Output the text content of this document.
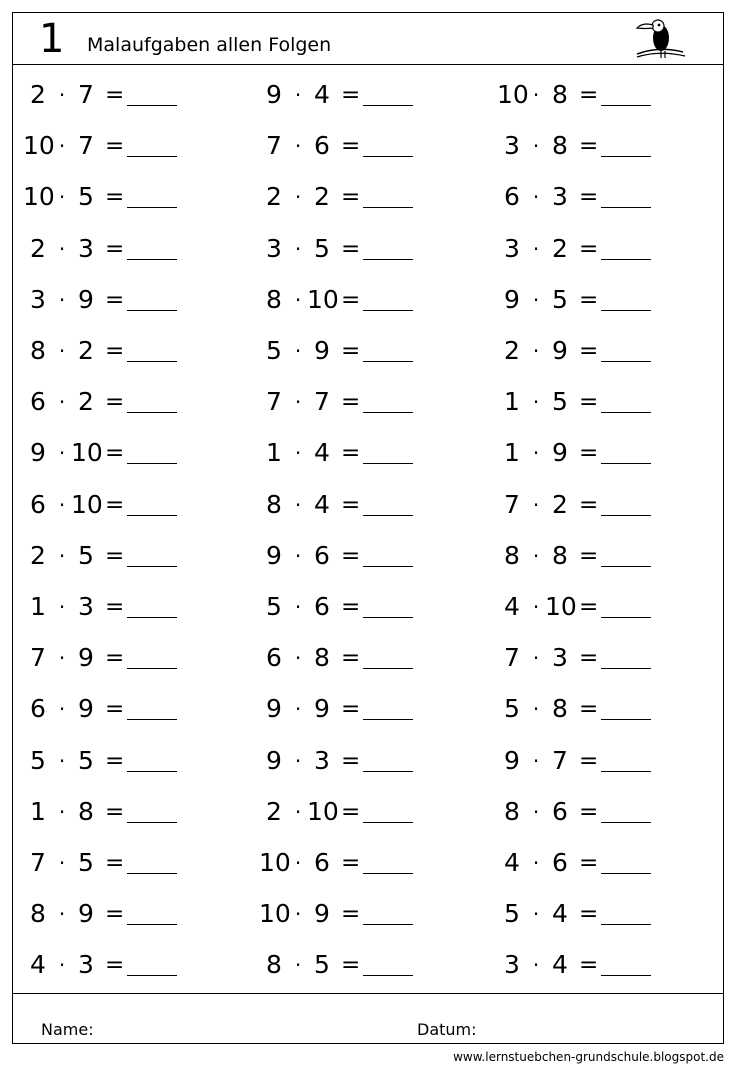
1 Malaufgaben allen Folgen
2 · 7 =	9 · 4 =	10 · 8 =
10 · 7 =	7 · 6 =	3 · 8 =
10 · 5 =	2 · 2 =	6 · 3 =
2 · 3 =	3 · 5 =	3 · 2 =
3 · 9 =	8 · 10 =	9 · 5 =
8 · 2 =	5 · 9 =	2 · 9 =
6 · 2 =	7 · 7 =	1 · 5 =
9 · 10 =	1 · 4 =	1 · 9 =
6 · 10 =	8 · 4 =	7 · 2 =
2 · 5 =	9 · 6 =	8 · 8 =
1 · 3 =	5 · 6 =	4 · 10 =
7 · 9 =	6 · 8 =	7 · 3 =
6 · 9 =	9 · 9 =	5 · 8 =
5 · 5 =	9 · 3 =	9 · 7 =
1 · 8 =	2 · 10 =	8 · 6 =
7 · 5 =	10 · 6 =	4 · 6 =
8 · 9 =	10 · 9 =	5 · 4 =
4 · 3 =	8 · 5 =	3 · 4 =
Name:	Datum:
www.lernstuebchen-grundschule.blogspot.de
